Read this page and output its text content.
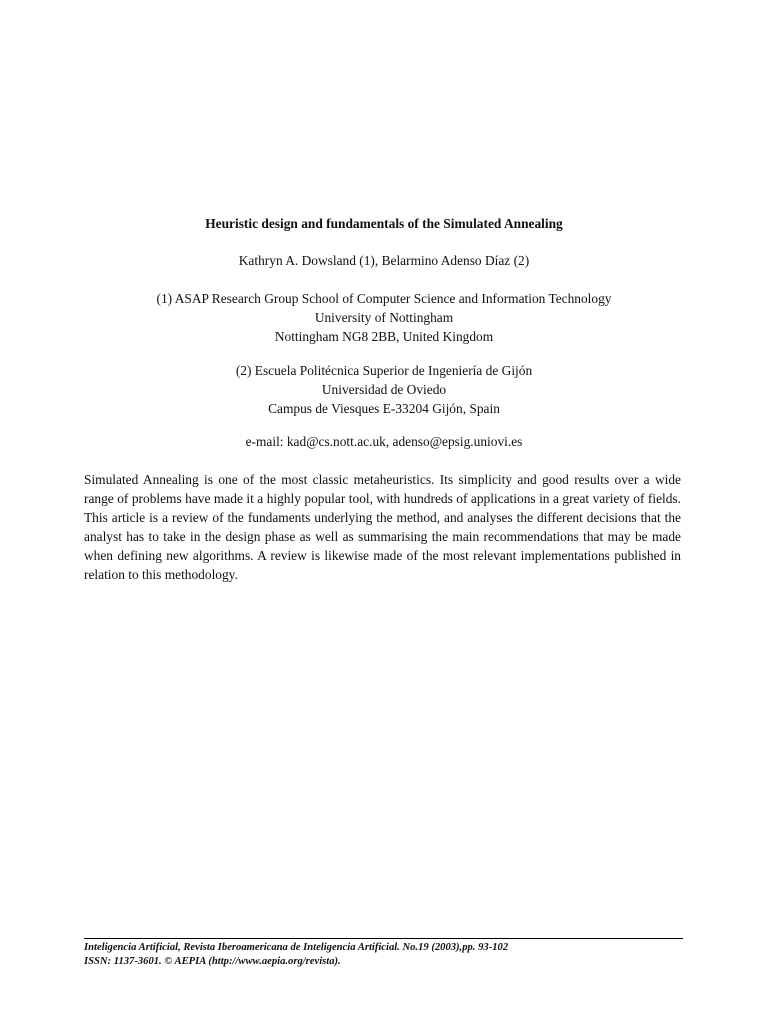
Heuristic design and fundamentals of the Simulated Annealing
Kathryn A. Dowsland (1), Belarmino Adenso Díaz (2)
(1) ASAP Research Group School of Computer Science and Information Technology
University of Nottingham
Nottingham NG8 2BB, United Kingdom
(2) Escuela Politécnica Superior de Ingeniería de Gijón
Universidad de Oviedo
Campus de Viesques E-33204 Gijón, Spain
e-mail: kad@cs.nott.ac.uk, adenso@epsig.uniovi.es
Simulated Annealing is one of the most classic metaheuristics. Its simplicity and good results over a wide range of problems have made it a highly popular tool, with hundreds of applications in a great variety of fields. This article is a review of the fundaments underlying the method, and analyses the different decisions that the analyst has to take in the design phase as well as summarising the main recommendations that may be made when defining new algorithms. A review is likewise made of the most relevant implementations published in relation to this methodology.
Inteligencia Artificial, Revista Iberoamericana de Inteligencia Artificial. No.19 (2003),pp. 93-102
ISSN: 1137-3601. © AEPIA (http://www.aepia.org/revista).
